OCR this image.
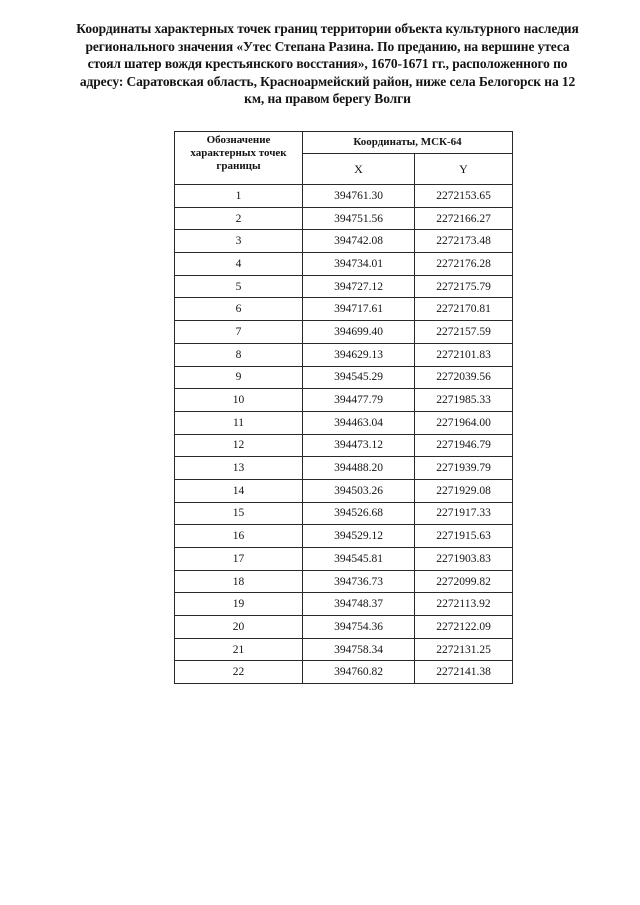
Координаты характерных точек границ территории объекта культурного наследия регионального значения «Утес Степана Разина. По преданию, на вершине утеса стоял шатер вождя крестьянского восстания», 1670-1671 гг., расположенного по адресу: Саратовская область, Красноармейский район, ниже села Белогорск на 12 км, на правом берегу Волги

Обозначение характерных точек границы	Координаты, МСК-64	
	X	Y
1	394761.30	2272153.65
2	394751.56	2272166.27
3	394742.08	2272173.48
4	394734.01	2272176.28
5	394727.12	2272175.79
6	394717.61	2272170.81
7	394699.40	2272157.59
8	394629.13	2272101.83
9	394545.29	2272039.56
10	394477.79	2271985.33
11	394463.04	2271964.00
12	394473.12	2271946.79
13	394488.20	2271939.79
14	394503.26	2271929.08
15	394526.68	2271917.33
16	394529.12	2271915.63
17	394545.81	2271903.83
18	394736.73	2272099.82
19	394748.37	2272113.92
20	394754.36	2272122.09
21	394758.34	2272131.25
22	394760.82	2272141.38
